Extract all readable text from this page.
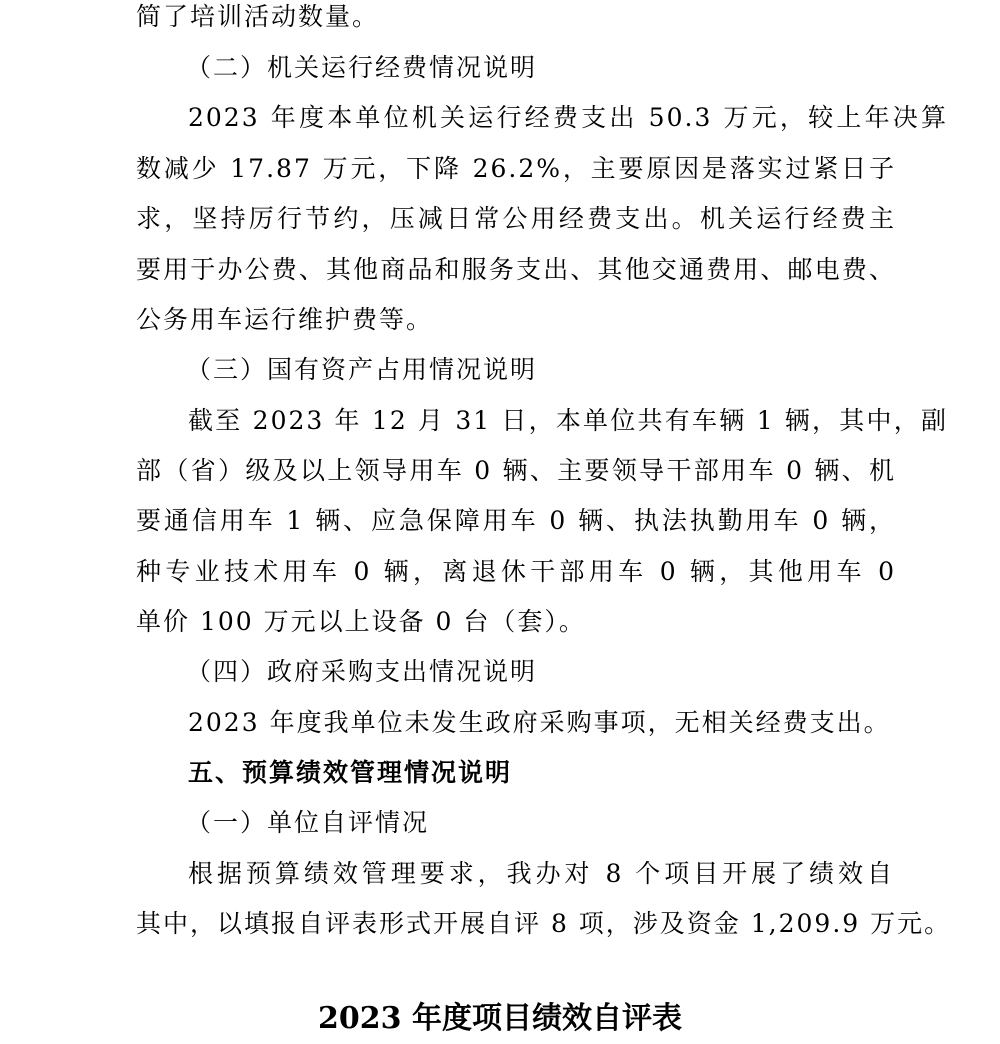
简了培训活动数量。
（二）机关运行经费情况说明
2023 年度本单位机关运行经费支出 50.3 万元，较上年决算
数减少 17.87 万元，下降 26.2%，主要原因是落实过紧日子
求，坚持厉行节约，压减日常公用经费支出。机关运行经费主
要用于办公费、其他商品和服务支出、其他交通费用、邮电费、
公务用车运行维护费等。
（三）国有资产占用情况说明
截至 2023 年 12 月 31 日，本单位共有车辆 1 辆，其中，副
部（省）级及以上领导用车 0 辆、主要领导干部用车 0 辆、机
要通信用车 1 辆、应急保障用车 0 辆、执法执勤用车 0 辆，
种专业技术用车 0 辆，离退休干部用车 0 辆，其他用车 0
单价 100 万元以上设备 0 台（套）。
（四）政府采购支出情况说明
2023 年度我单位未发生政府采购事项，无相关经费支出。
五、预算绩效管理情况说明
（一）单位自评情况
根据预算绩效管理要求，我办对 8 个项目开展了绩效自
其中，以填报自评表形式开展自评 8 项，涉及资金 1,209.9 万元。
2023 年度项目绩效自评表
